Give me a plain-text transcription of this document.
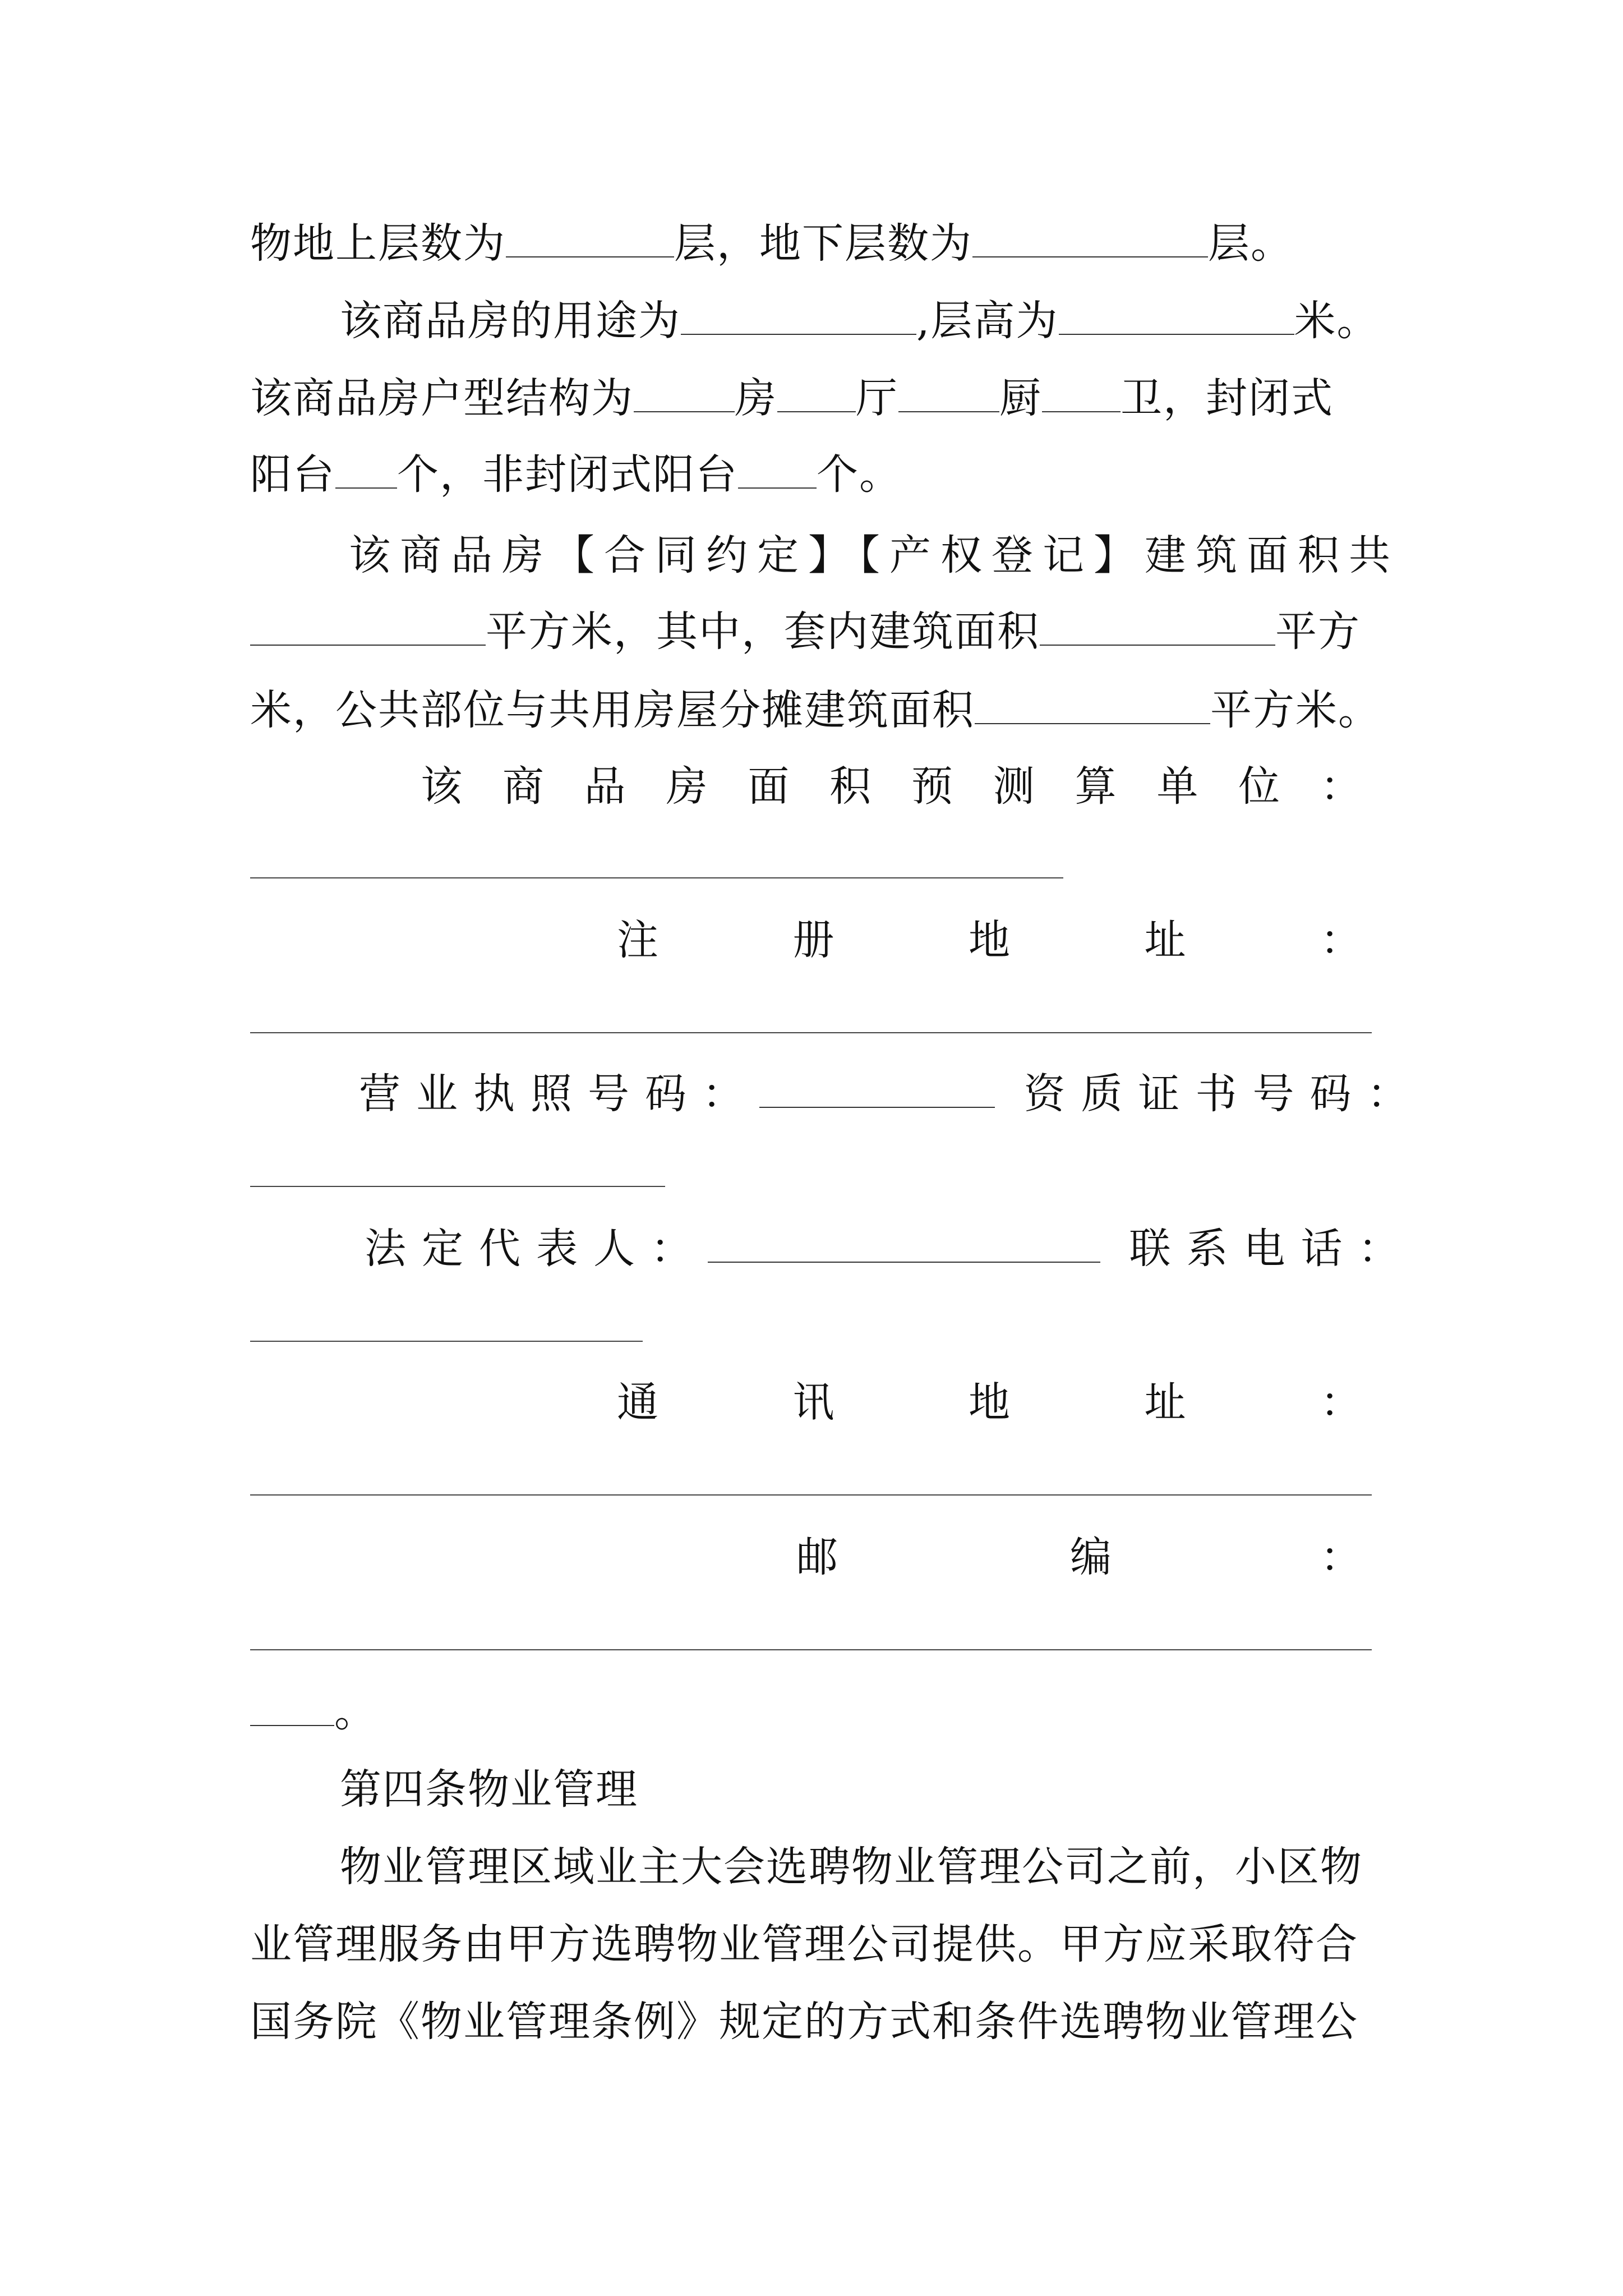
物地上层数为	层，地下层数为	层。
该商品房的用途为	,层高为	米。
该商品房户型结构为 房 厅 厨 卫，封闭式
阳台 个，非封闭式阳台 个。
该商品房【合同约定】【产权登记】建筑面积共
平方米，其中，套内建筑面积	平方
米，公共部位与共用房屋分摊建筑面积	平方米。
该 商 品 房 面 积 预 测 算 单 位 ：
注	册	地	址	：
营业执照号码：	资质证书号码：
法定代表人：	联系电话：
通	讯	地	址	：
邮	编	：
。
第四条物业管理
物业管理区域业主大会选聘物业管理公司之前，小区物
业管理服务由甲方选聘物业管理公司提供。甲方应采取符合
国务院《物业管理条例》规定的方式和条件选聘物业管理公
